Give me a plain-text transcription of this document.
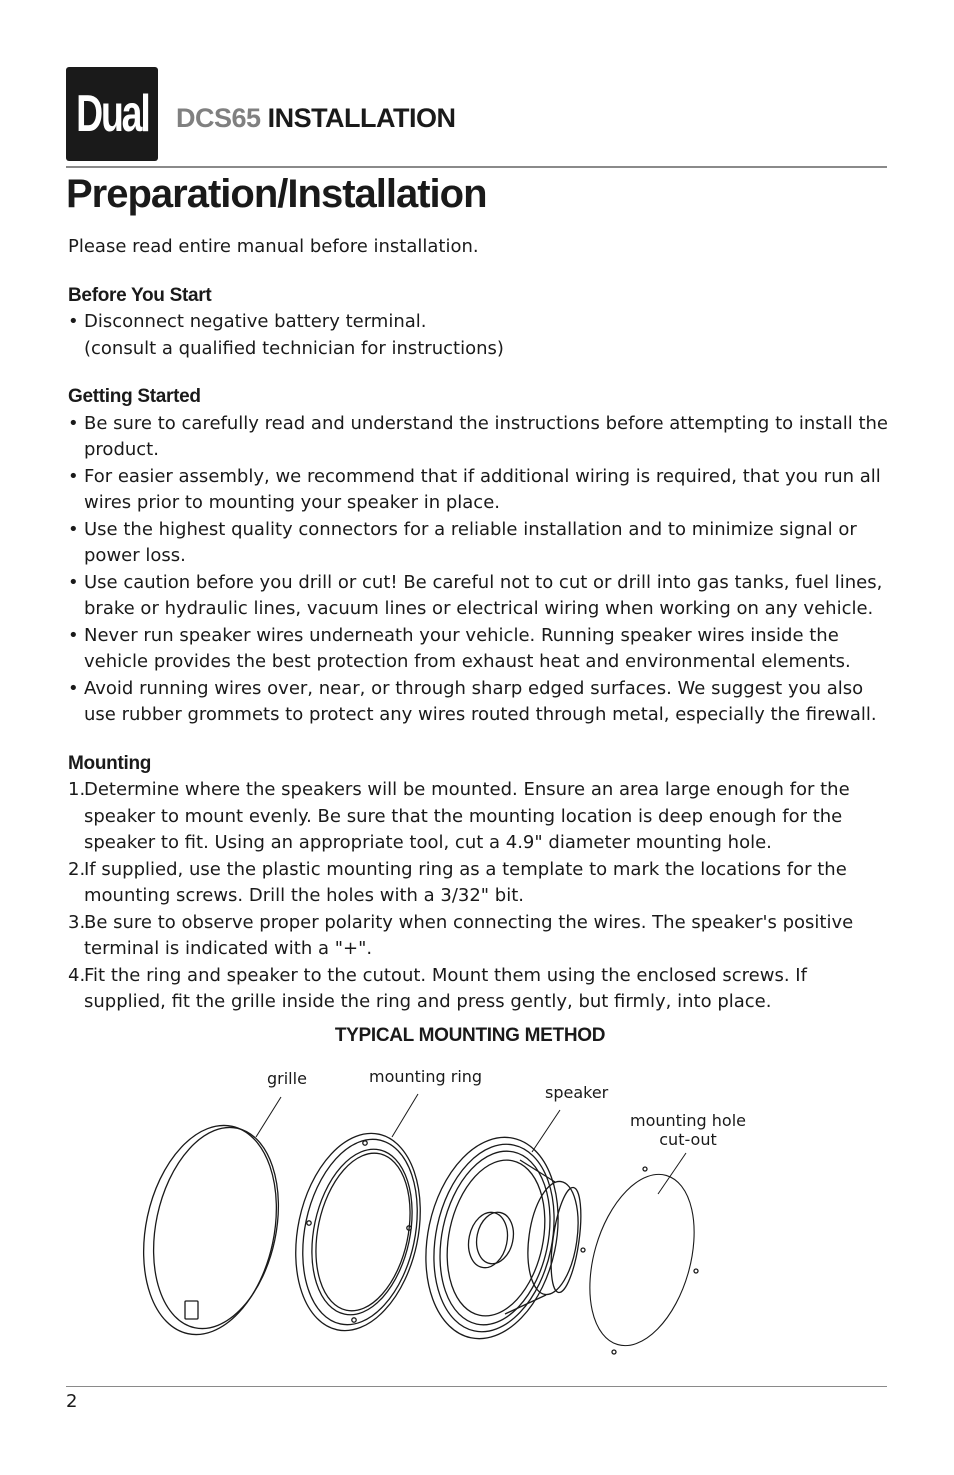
Dual DCS65 INSTALLATION
Preparation/Installation

Please read entire manual before installation.

Before You Start
• Disconnect negative battery terminal.

(consult a qualified technician for instructions)

Getting Started
• Be sure to carefully read and understand the instructions before attempting to install the product.
• For easier assembly, we recommend that if additional wiring is required, that you run all wires prior to mounting your speaker in place.
• Use the highest quality connectors for a reliable installation and to minimize signal or power loss.
• Use caution before you drill or cut! Be careful not to cut or drill into gas tanks, fuel lines, brake or hydraulic lines, vacuum lines or electrical wiring when working on any vehicle.
• Never run speaker wires underneath your vehicle. Running speaker wires inside the vehicle provides the best protection from exhaust heat and environmental elements.
• Avoid running wires over, near, or through sharp edged surfaces. We suggest you also use rubber grommets to protect any wires routed through metal, especially the firewall.
Mounting
1.
Determine where the speakers will be mounted. Ensure an area large enough for the speaker to mount evenly. Be sure that the mounting location is deep enough for the speaker to fit. Using an appropriate tool, cut a 4.9" diameter mounting hole.
2.
If supplied, use the plastic mounting ring as a template to mark the locations for the mounting screws. Drill the holes with a 3/32" bit.
3.
Be sure to observe proper polarity when connecting the wires. The speaker's positive terminal is indicated with a "+".
4.
Fit the ring and speaker to the cutout. Mount them using the enclosed screws. If supplied, fit the grille inside the ring and press gently, but firmly, into place.
TYPICAL MOUNTING METHOD
grille	mounting ring
speaker
mounting hole
cut-out
2
